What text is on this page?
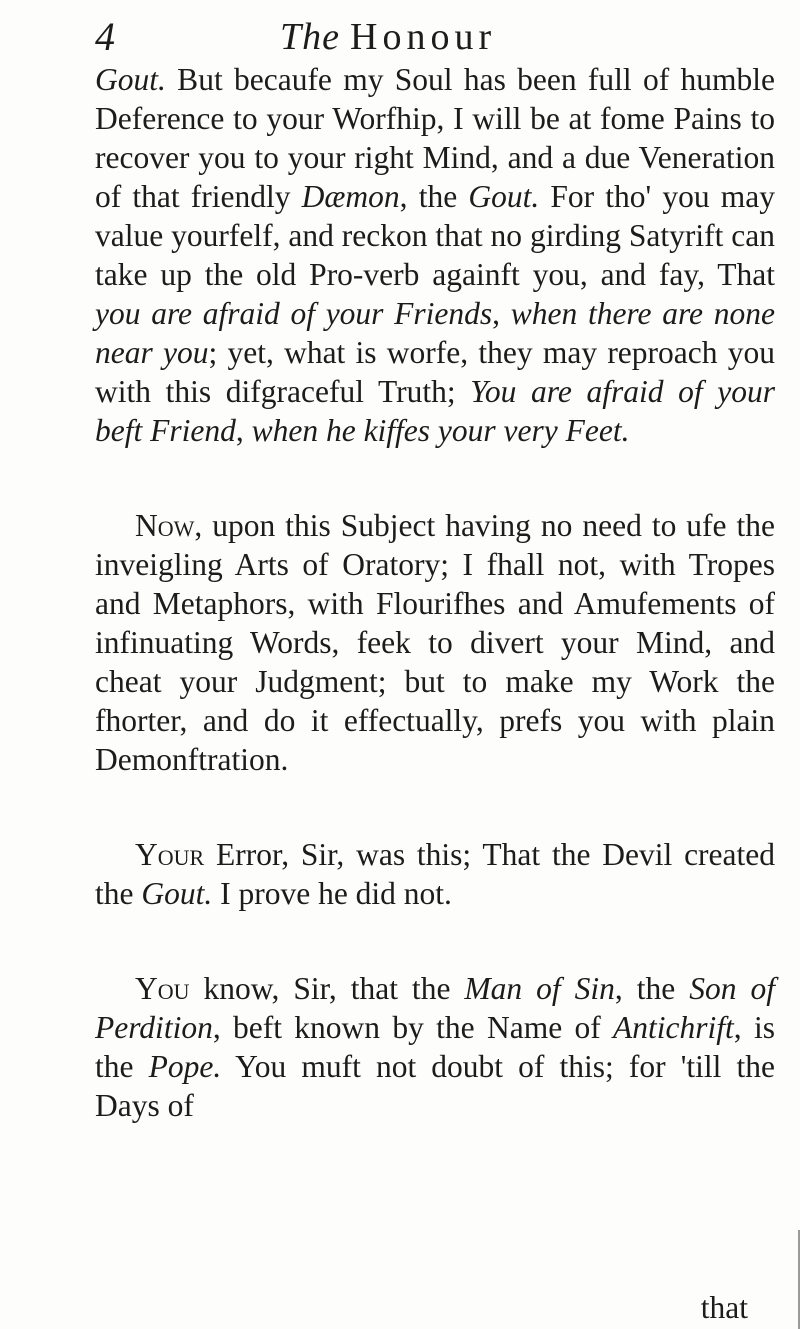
4	The Honour

Gout. But becaufe my Soul has been full of humble Deference to your Worfhip, I will be at fome Pains to recover you to your right Mind, and a due Veneration of that friendly Dæmon, the Gout. For tho' you may value yourfelf, and reckon that no girding Satyrift can take up the old Pro-verb againft you, and fay, That you are afraid of your Friends, when there are none near you; yet, what is worfe, they may reproach you with this difgraceful Truth; You are afraid of your beft Friend, when he kiffes your very Feet.

Now, upon this Subject having no need to ufe the inveigling Arts of Oratory; I fhall not, with Tropes and Metaphors, with Flourifhes and Amufements of infinuating Words, feek to divert your Mind, and cheat your Judgment; but to make my Work the fhorter, and do it effectually, prefs you with plain Demonftration.

Your Error, Sir, was this; That the Devil created the Gout. I prove he did not.

You know, Sir, that the Man of Sin, the Son of Perdition, beft known by the Name of Antichrift, is the Pope. You muft not doubt of this; for 'till the Days of

that
